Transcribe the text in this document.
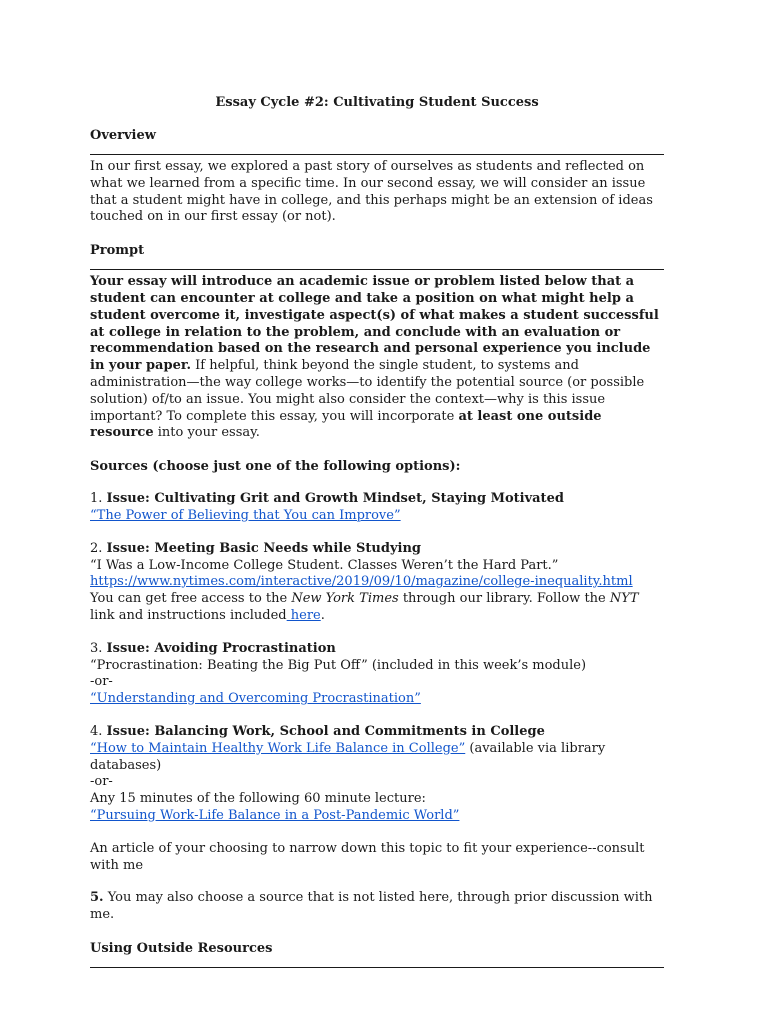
Essay Cycle #2: Cultivating Student Success
Overview

In our first essay, we explored a past story of ourselves as students and reflected on what we learned from a specific time. In our second essay, we will consider an issue that a student might have in college, and this perhaps might be an extension of ideas touched on in our first essay (or not).

Prompt

Your essay will introduce an academic issue or problem listed below that a student can encounter at college and take a position on what might help a student overcome it, investigate aspect(s) of what makes a student successful at college in relation to the problem, and conclude with an evaluation or recommendation based on the research and personal experience you include in your paper. If helpful, think beyond the single student, to systems and administration—the way college works—to identify the potential source (or possible solution) of/to an issue. You might also consider the context—why is this issue important? To complete this essay, you will incorporate at least one outside resource into your essay.

Sources (choose just one of the following options):
1. Issue: Cultivating Grit and Growth Mindset, Staying Motivated
“The Power of Believing that You can Improve”
2. Issue: Meeting Basic Needs while Studying
“I Was a Low-Income College Student. Classes Weren’t the Hard Part.”
https://www.nytimes.com/interactive/2019/09/10/magazine/college-inequality.html

You can get free access to the New York Times through our library. Follow the NYT link and instructions included here.

3. Issue: Avoiding Procrastination
“Procrastination: Beating the Big Put Off” (included in this week’s module)
-or-
“Understanding and Overcoming Procrastination”
4. Issue: Balancing Work, School and Commitments in College
“How to Maintain Healthy Work Life Balance in College” (available via library databases)
-or-
Any 15 minutes of the following 60 minute lecture:
“Pursuing Work-Life Balance in a Post-Pandemic World”
An article of your choosing to narrow down this topic to fit your experience--consult with me
5. You may also choose a source that is not listed here, through prior discussion with me.
Using Outside Resources
